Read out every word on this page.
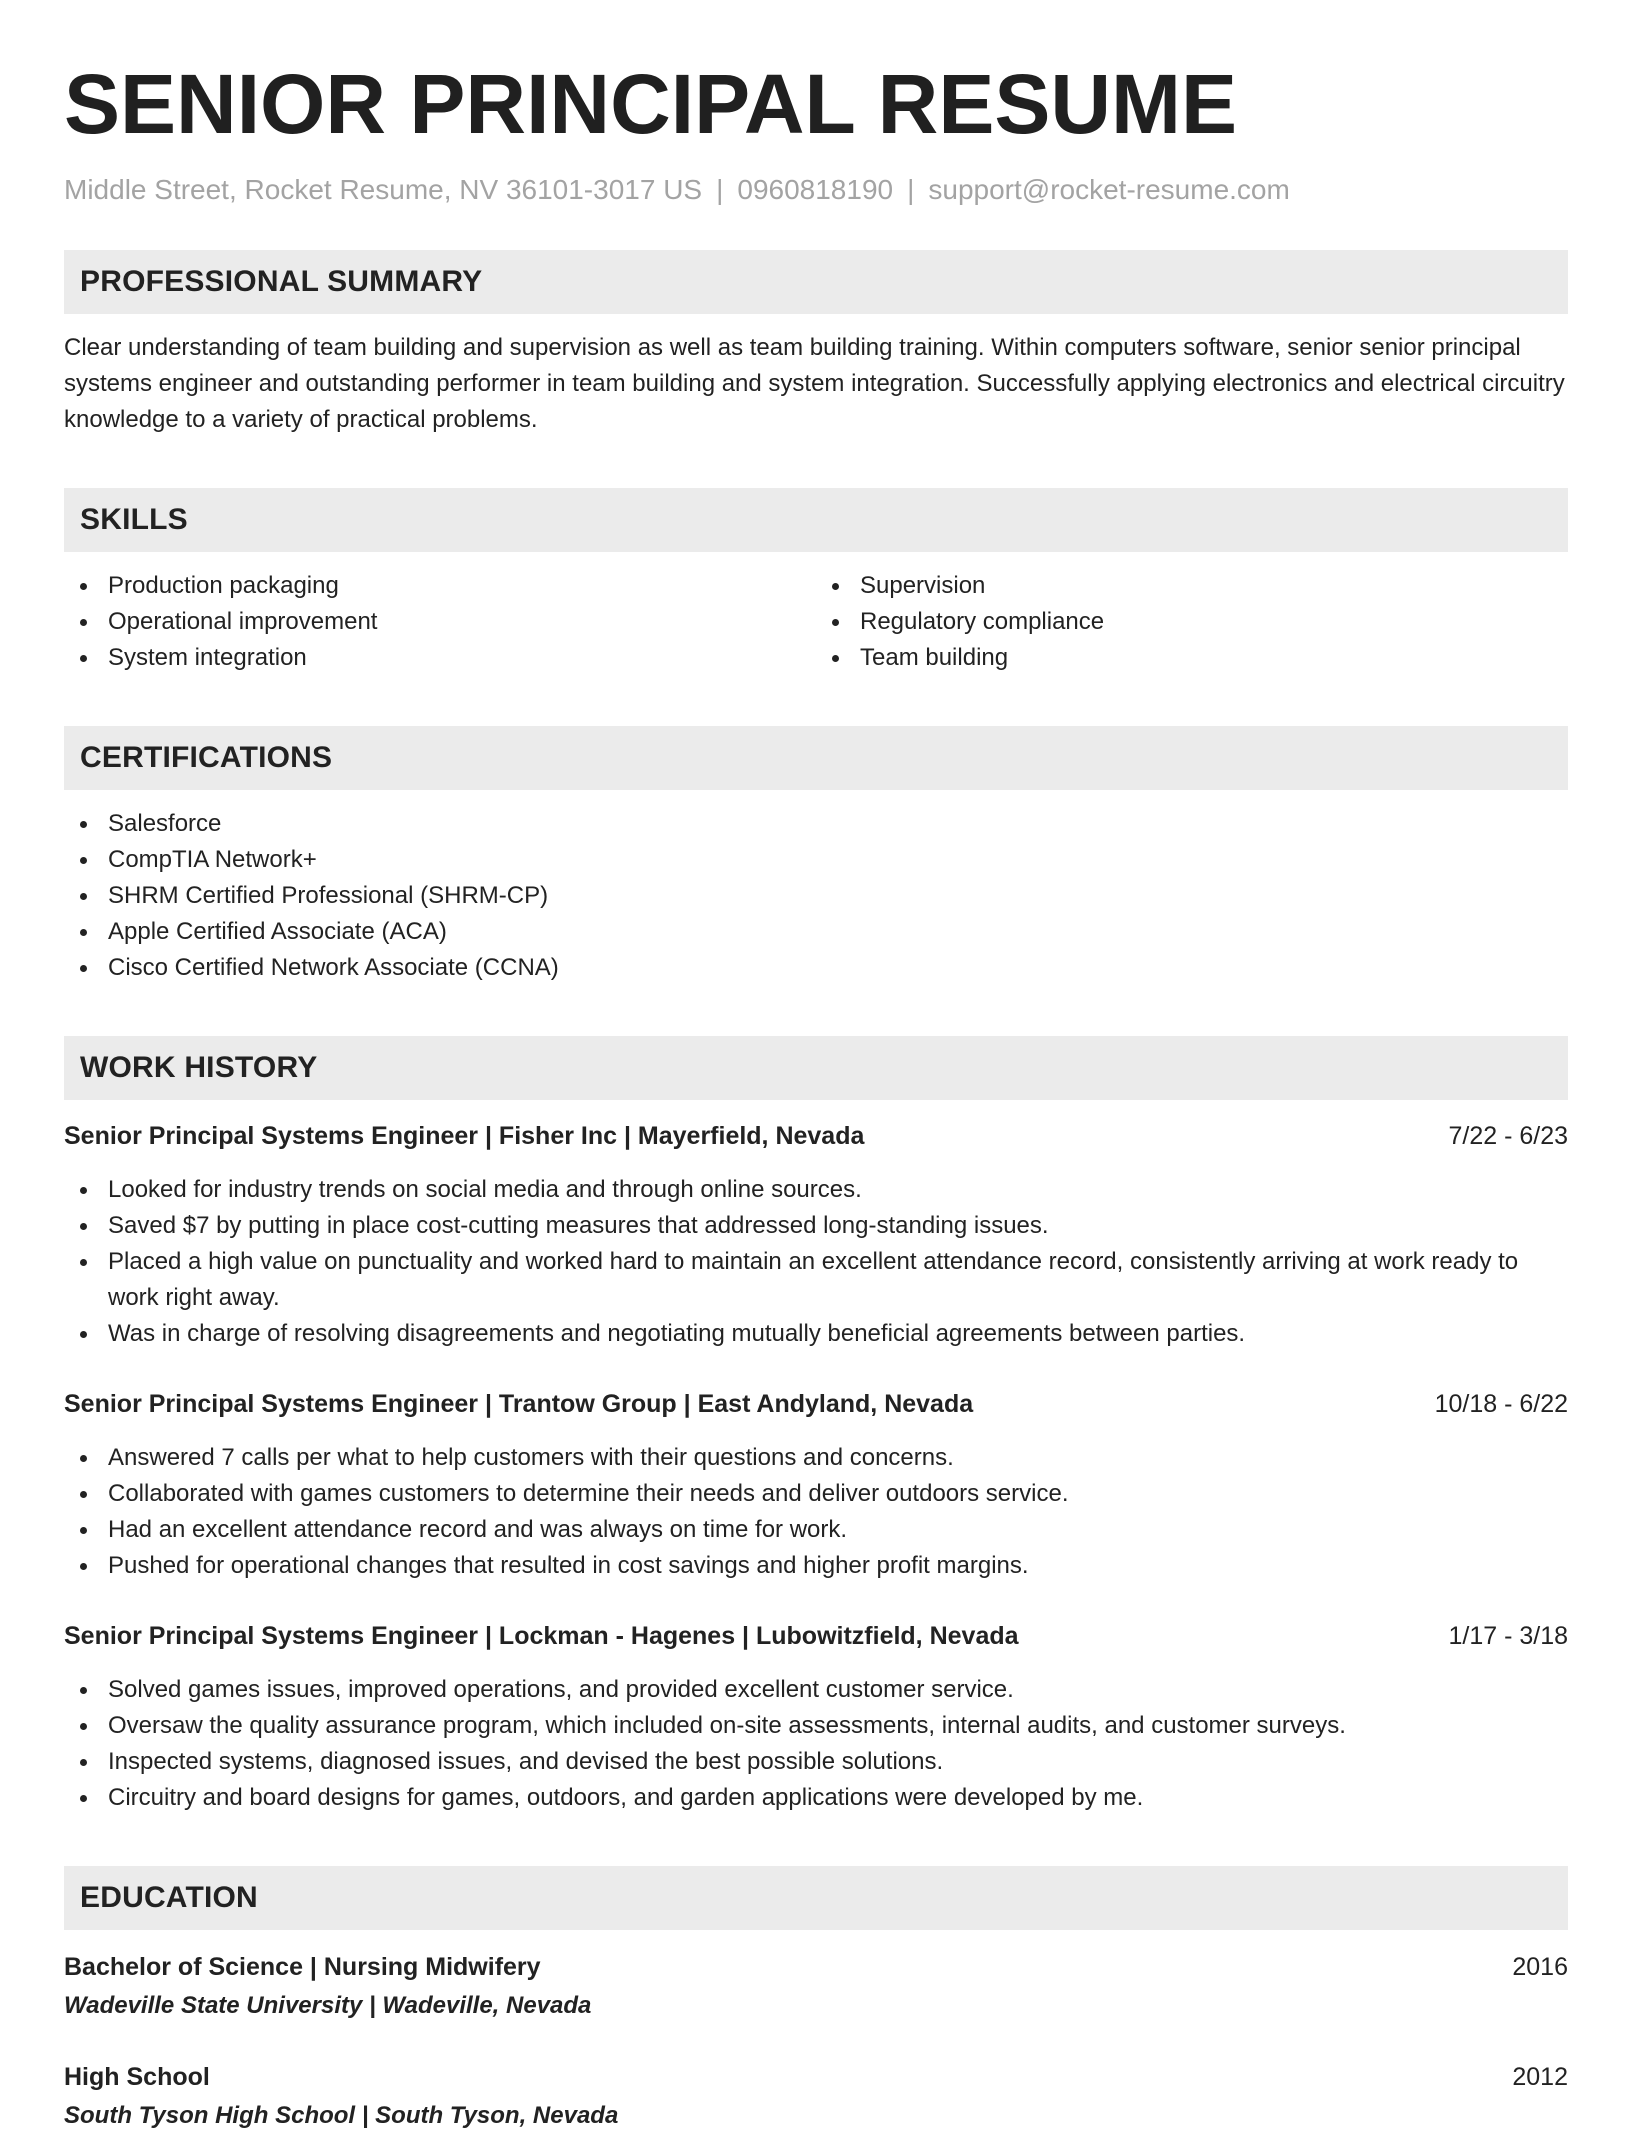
SENIOR PRINCIPAL RESUME
Middle Street, Rocket Resume, NV 36101-3017 US | 0960818190 | support@rocket-resume.com
PROFESSIONAL SUMMARY
Clear understanding of team building and supervision as well as team building training. Within computers software, senior senior principal systems engineer and outstanding performer in team building and system integration. Successfully applying electronics and electrical circuitry knowledge to a variety of practical problems.
SKILLS
Production packaging
Operational improvement
System integration
Supervision
Regulatory compliance
Team building
CERTIFICATIONS
Salesforce
CompTIA Network+
SHRM Certified Professional (SHRM-CP)
Apple Certified Associate (ACA)
Cisco Certified Network Associate (CCNA)
WORK HISTORY
Senior Principal Systems Engineer | Fisher Inc | Mayerfield, Nevada	7/22 - 6/23
Looked for industry trends on social media and through online sources.
Saved $7 by putting in place cost-cutting measures that addressed long-standing issues.
Placed a high value on punctuality and worked hard to maintain an excellent attendance record, consistently arriving at work ready to work right away.
Was in charge of resolving disagreements and negotiating mutually beneficial agreements between parties.
Senior Principal Systems Engineer | Trantow Group | East Andyland, Nevada	10/18 - 6/22
Answered 7 calls per what to help customers with their questions and concerns.
Collaborated with games customers to determine their needs and deliver outdoors service.
Had an excellent attendance record and was always on time for work.
Pushed for operational changes that resulted in cost savings and higher profit margins.
Senior Principal Systems Engineer | Lockman - Hagenes | Lubowitzfield, Nevada	1/17 - 3/18
Solved games issues, improved operations, and provided excellent customer service.
Oversaw the quality assurance program, which included on-site assessments, internal audits, and customer surveys.
Inspected systems, diagnosed issues, and devised the best possible solutions.
Circuitry and board designs for games, outdoors, and garden applications were developed by me.
EDUCATION
Bachelor of Science | Nursing Midwifery	2016
Wadeville State University | Wadeville, Nevada
High School	2012
South Tyson High School | South Tyson, Nevada
